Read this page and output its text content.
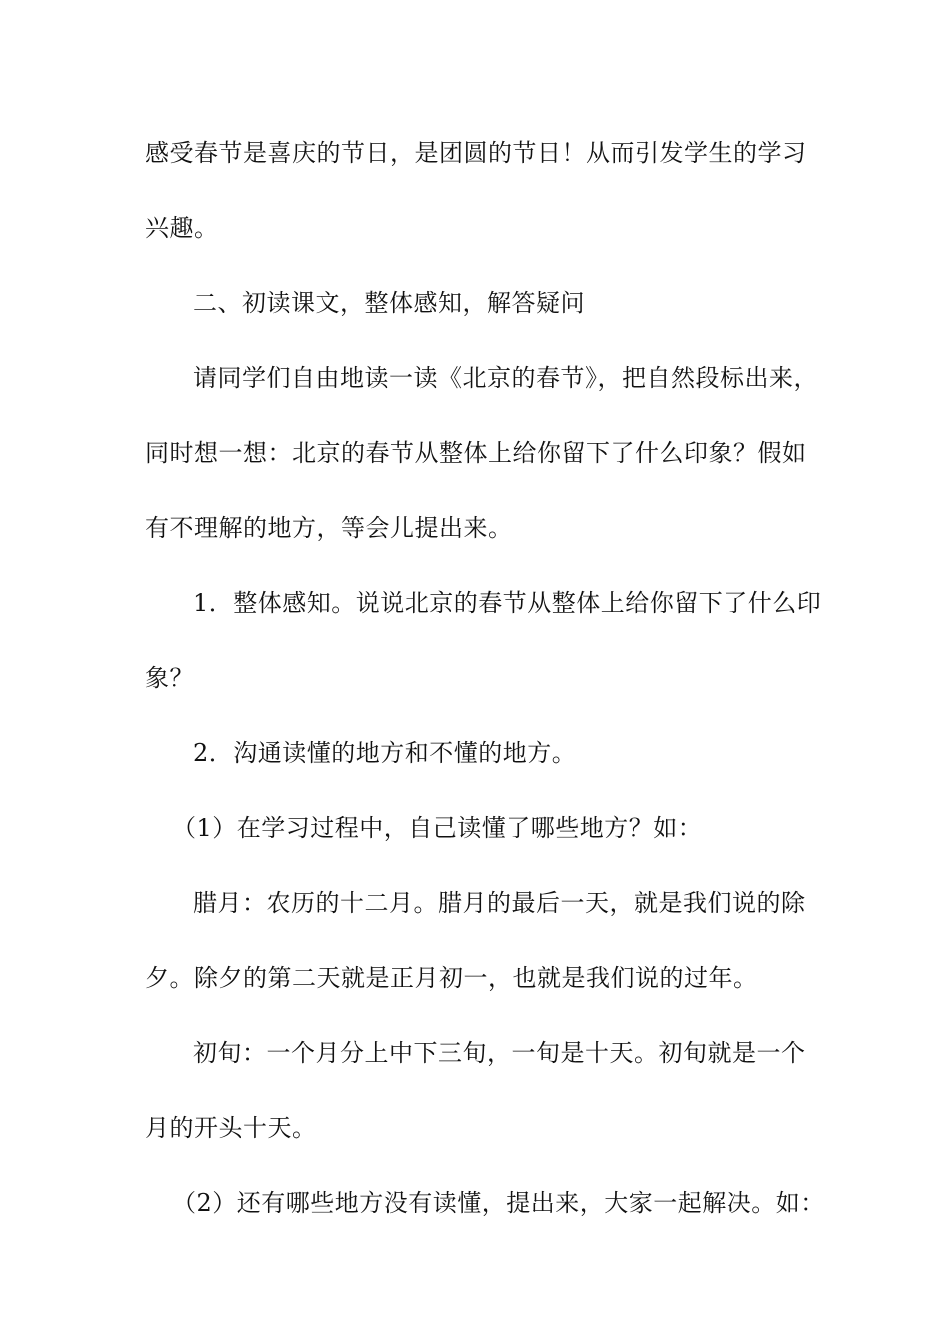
感受春节是喜庆的节日，是团圆的节日！从而引发学生的学习
兴趣。
二、初读课文，整体感知，解答疑问
请同学们自由地读一读《北京的春节》，把自然段标出来，
同时想一想：北京的春节从整体上给你留下了什么印象？假如
有不理解的地方，等会儿提出来。
1．整体感知。说说北京的春节从整体上给你留下了什么印
象？
2．沟通读懂的地方和不懂的地方。
（1）在学习过程中，自己读懂了哪些地方？如：
腊月：农历的十二月。腊月的最后一天，就是我们说的除
夕。除夕的第二天就是正月初一，也就是我们说的过年。
初旬：一个月分上中下三旬，一旬是十天。初旬就是一个
月的开头十天。
（2）还有哪些地方没有读懂，提出来，大家一起解决。如：
